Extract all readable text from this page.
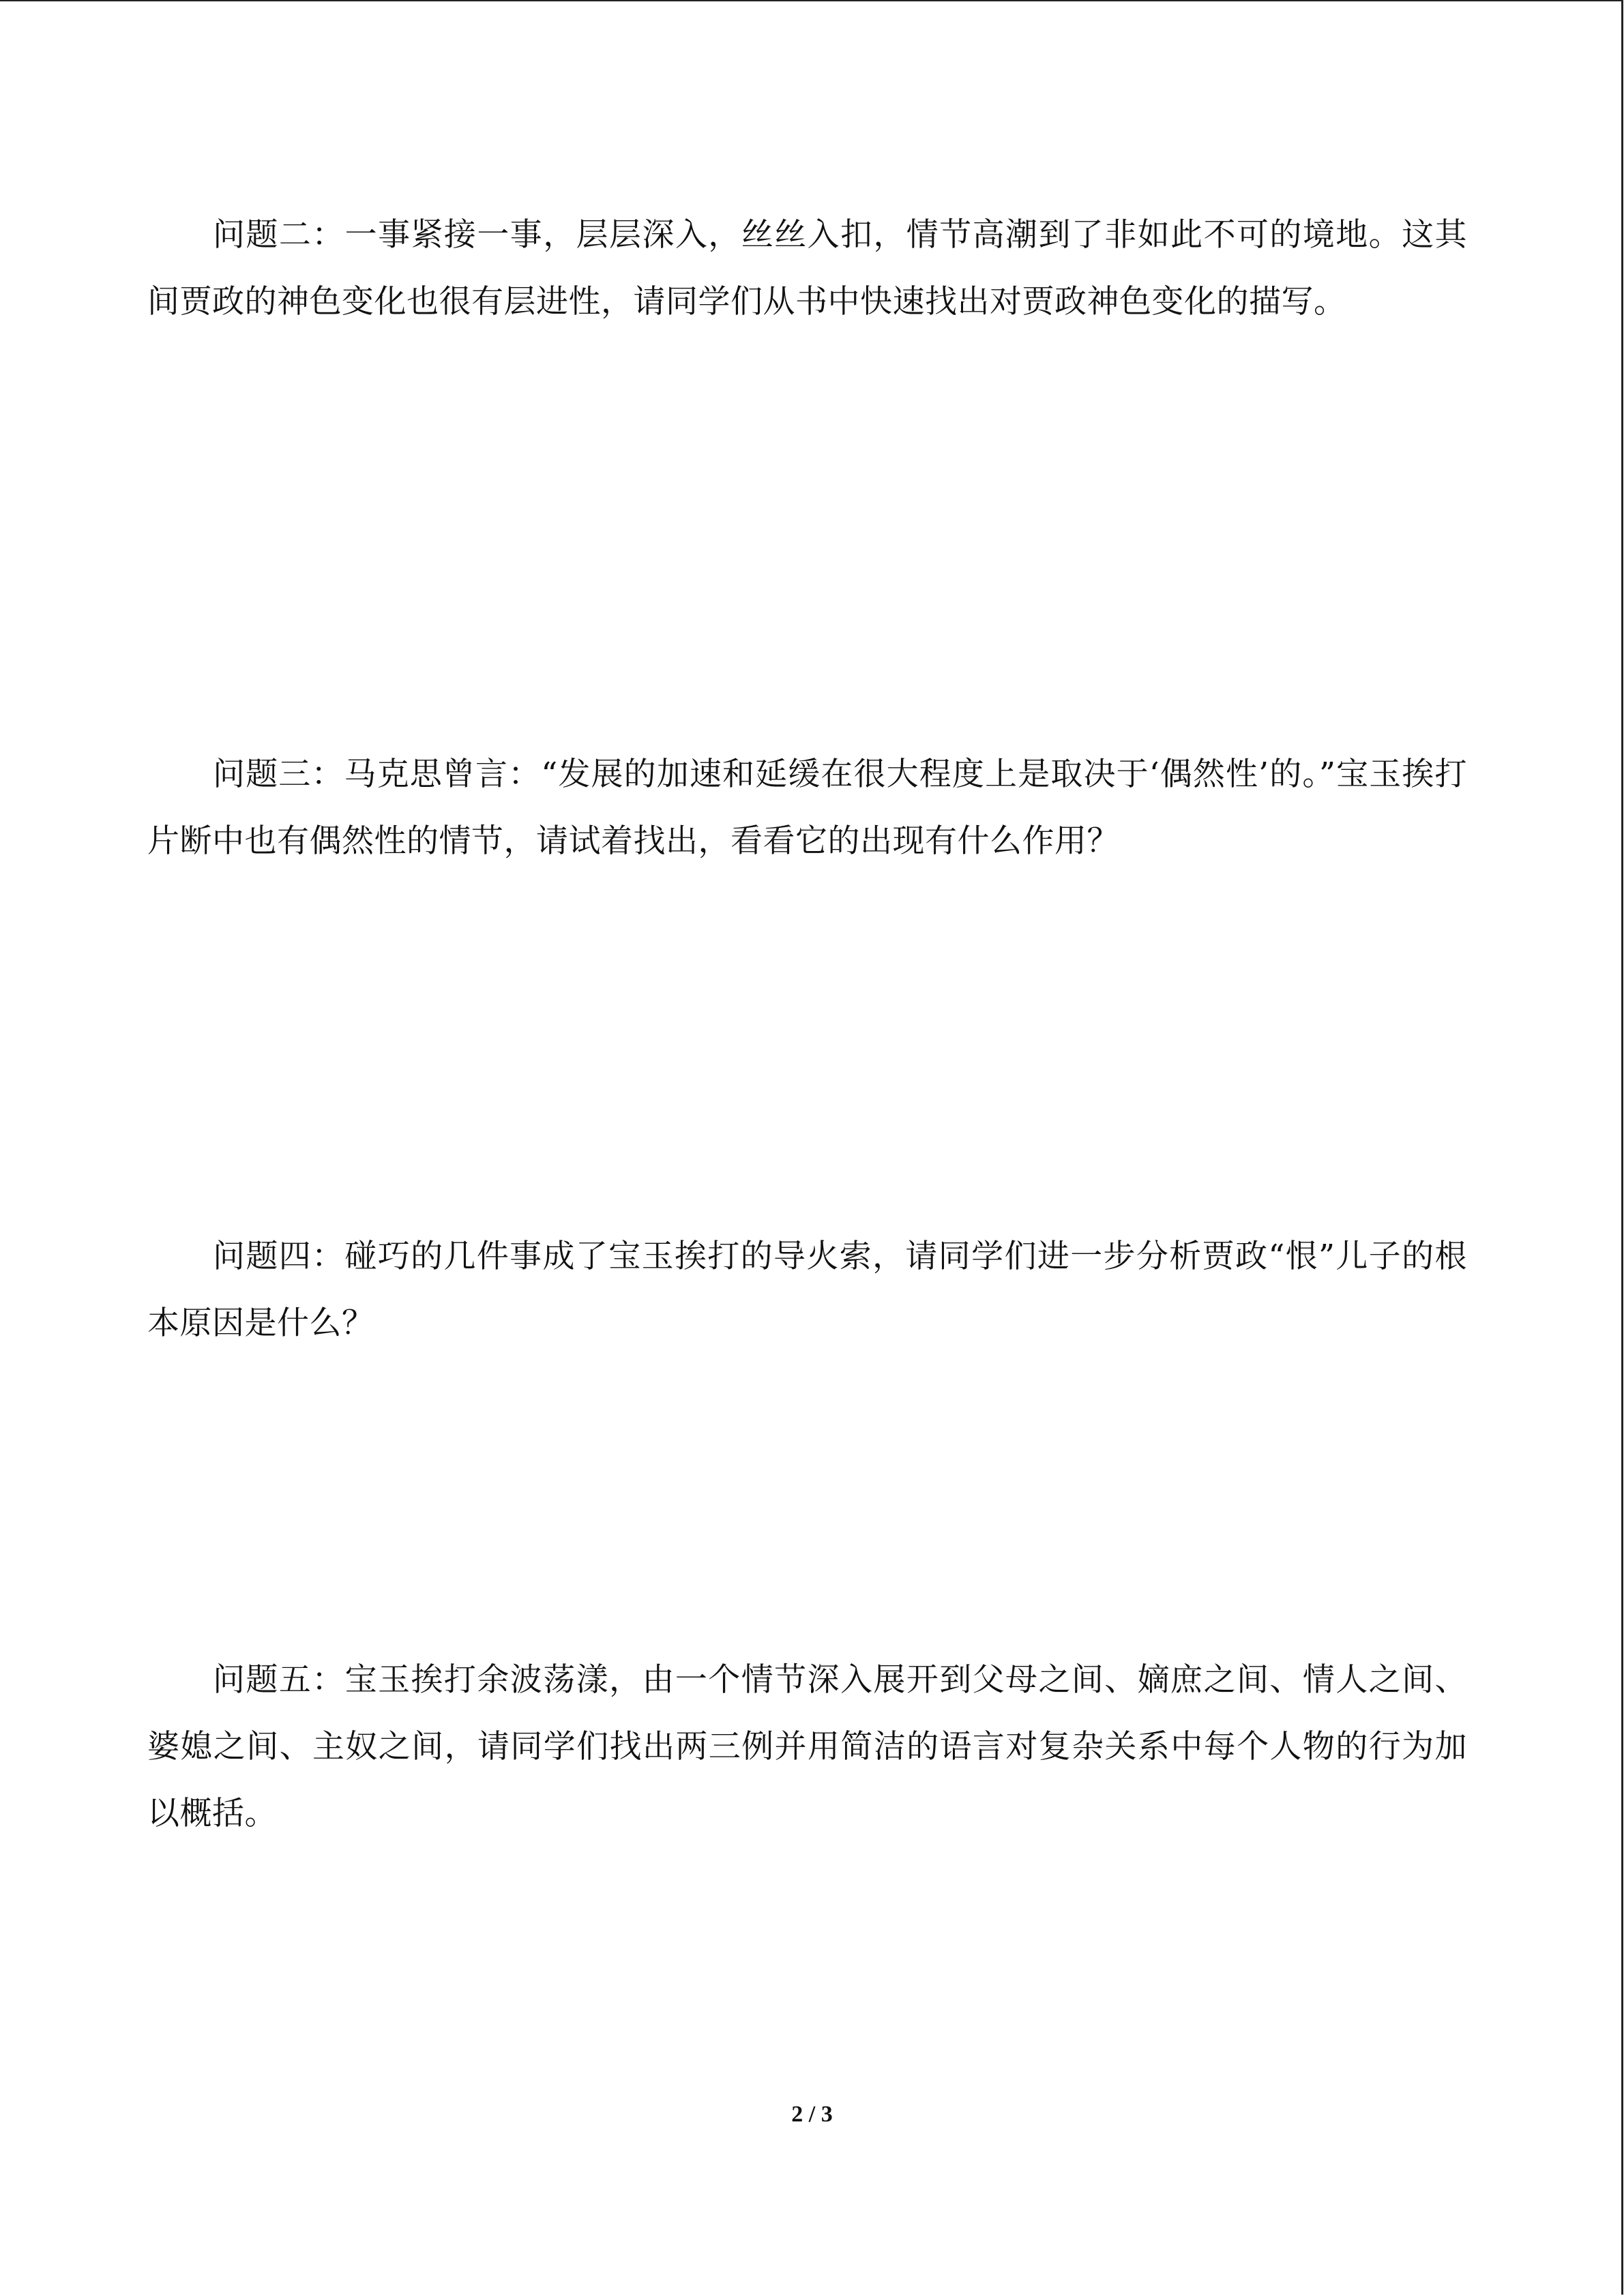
问题二：一事紧接一事，层层深入，丝丝入扣，情节高潮到了非如此不可的境地。这其间贾政的神色变化也很有层进性，请同学们从书中快速找出对贾政神色变化的描写。

问题三：马克思曾言：“发展的加速和延缓在很大程度上是取决于‘偶然性’的。”宝玉挨打片断中也有偶然性的情节，请试着找出，看看它的出现有什么作用？

问题四：碰巧的几件事成了宝玉挨打的导火索，请同学们进一步分析贾政“恨”儿子的根本原因是什么？

问题五：宝玉挨打余波荡漾，由一个情节深入展开到父母之间、嫡庶之间、情人之间、婆媳之间、主奴之间，请同学们找出两三例并用简洁的语言对复杂关系中每个人物的行为加以概括。

2 / 3
